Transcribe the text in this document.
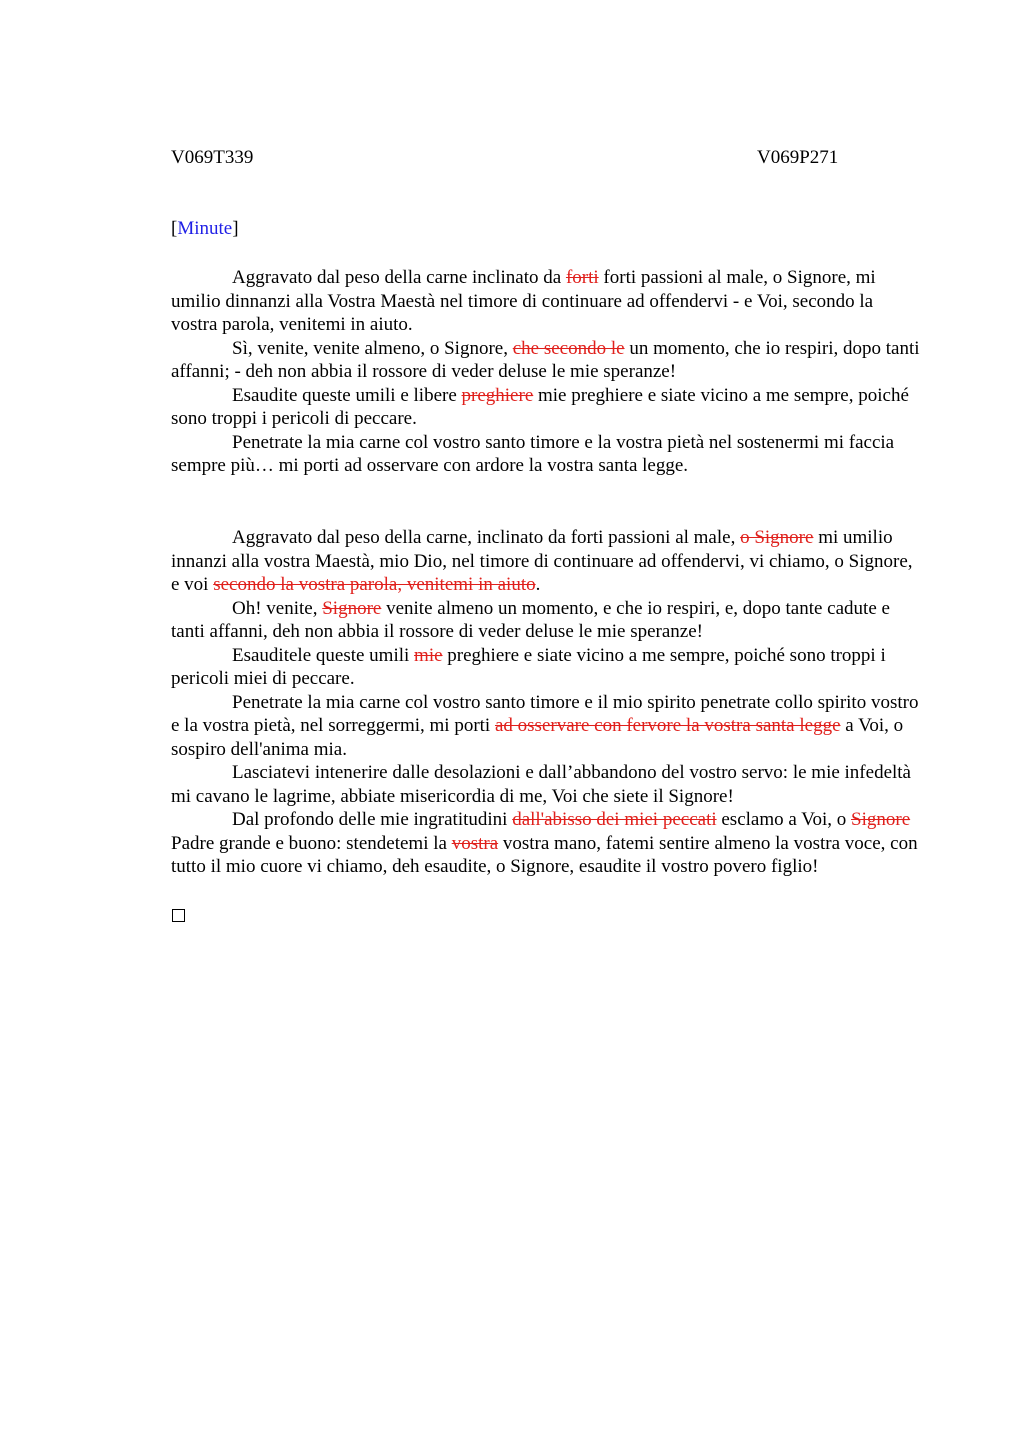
V069T339	V069P271
[Minute]

Aggravato dal peso della carne inclinato da forti forti passioni al male, o Signore, mi umilio dinnanzi alla Vostra Maestà nel timore di continuare ad offendervi - e Voi, secondo la vostra parola, venitemi in aiuto.

Sì, venite, venite almeno, o Signore, che secondo le un momento, che io respiri, dopo tanti affanni; - deh non abbia il rossore di veder deluse le mie speranze!

Esaudite queste umili e libere preghiere mie preghiere e siate vicino a me sempre, poiché sono troppi i pericoli di peccare.

Penetrate la mia carne col vostro santo timore e la vostra pietà nel sostenermi mi faccia sempre più… mi porti ad osservare con ardore la vostra santa legge.

Aggravato dal peso della carne, inclinato da forti passioni al male, o Signore mi umilio innanzi alla vostra Maestà, mio Dio, nel timore di continuare ad offendervi, vi chiamo, o Signore, e voi secondo la vostra parola, venitemi in aiuto.

Oh! venite, Signore venite almeno un momento, e che io respiri, e, dopo tante cadute e tanti affanni, deh non abbia il rossore di veder deluse le mie speranze!

Esauditele queste umili mie preghiere e siate vicino a me sempre, poiché sono troppi i pericoli miei di peccare.

Penetrate la mia carne col vostro santo timore e il mio spirito penetrate collo spirito vostro e la vostra pietà, nel sorreggermi, mi porti ad osservare con fervore la vostra santa legge a Voi, o sospiro dell'anima mia.

Lasciatevi intenerire dalle desolazioni e dall’abbandono del vostro servo: le mie infedeltà mi cavano le lagrime, abbiate misericordia di me, Voi che siete il Signore!

Dal profondo delle mie ingratitudini dall'abisso dei miei peccati esclamo a Voi, o Signore Padre grande e buono: stendetemi la vostra vostra mano, fatemi sentire almeno la vostra voce, con tutto il mio cuore vi chiamo, deh esaudite, o Signore, esaudite il vostro povero figlio!
